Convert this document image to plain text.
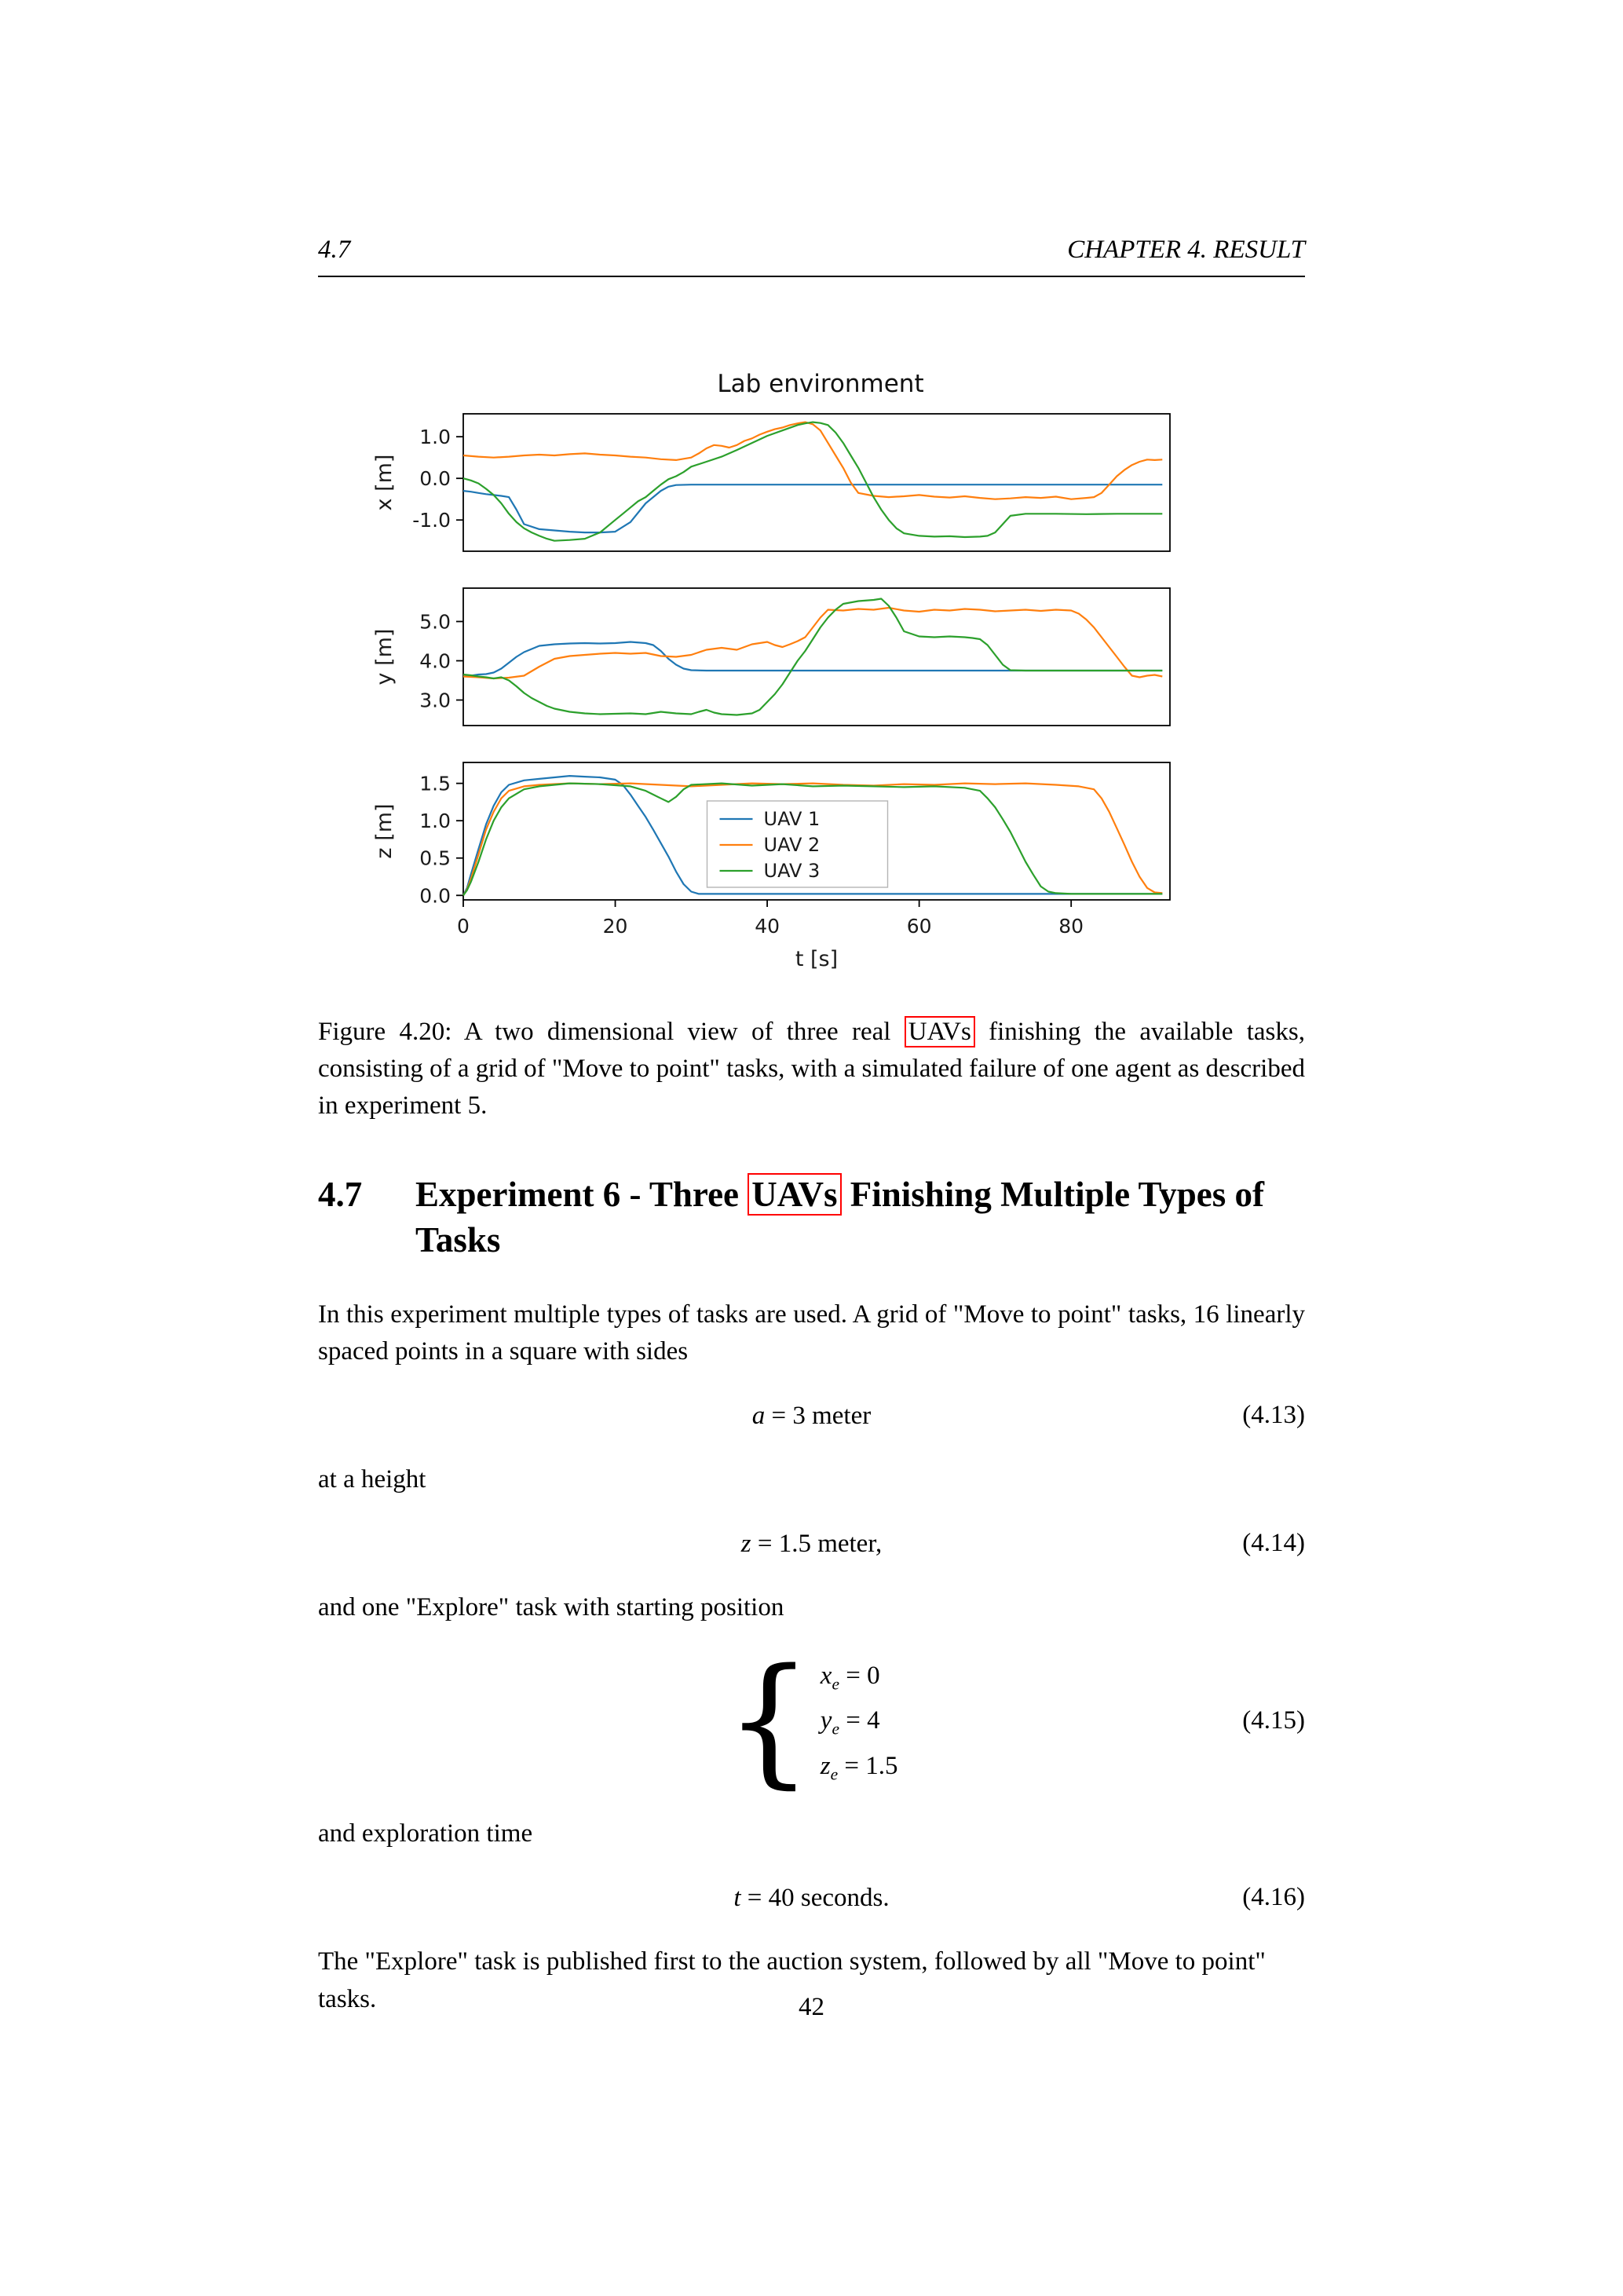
4.7	CHAPTER 4. RESULT
Lab environment
1.0
0.0
-1.0
x [m]
5.0
4.0
3.0
y [m]
1.5
1.0
0.5
0.0
z [m]
0	20	40	60	80
t [s]
UAV 1
UAV 2
UAV 3

Figure 4.20: A two dimensional view of three real UAVs finishing the available tasks, consisting of a grid of "Move to point" tasks, with a simulated failure of one agent as described in experiment 5.

4.7	Experiment 6 - Three UAVs Finishing Multiple Types of Tasks

In this experiment multiple types of tasks are used. A grid of "Move to point" tasks, 16 linearly spaced points in a square with sides

a = 3 meter	(4.13)

at a height

z = 1.5 meter,	(4.14)

and one "Explore" task with starting position

{ $x_e = 0$
$y_e = 4$
$z_e = 1.5$
(4.15)

and exploration time

t = 40 seconds.	(4.16)

The "Explore" task is published first to the auction system, followed by all "Move to point" tasks.	42
